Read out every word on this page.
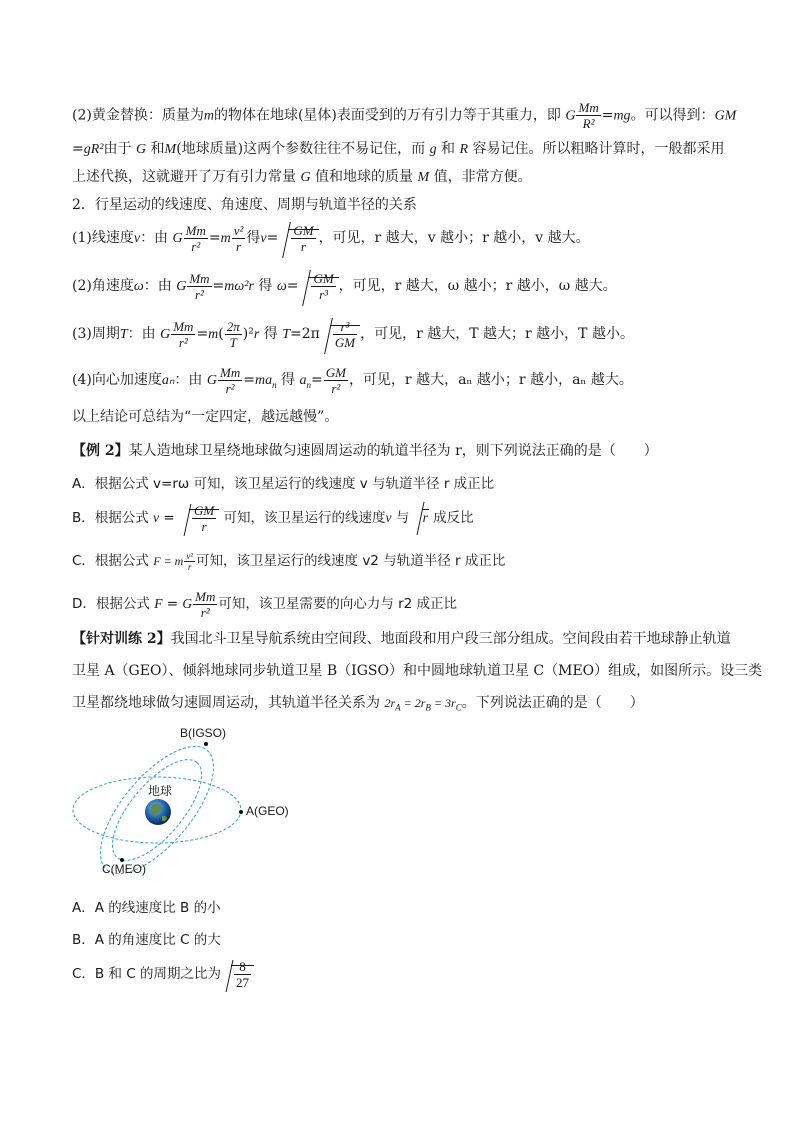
(2)黄金替换：质量为m的物体在地球(星体)表面受到的万有引力等于其重力，即 G $\frac{Mm}{\text{R²}} =mg$。可以得到：GM
=gR²由于 G 和M(地球质量)这两个参数往往不易记住，而 g 和 R 容易记住。所以粗略计算时，一般都采用
上述代换，这就避开了万有引力常量 G 值和地球的质量 M 值，非常方便。
2．行星运动的线速度、角速度、周期与轨道半径的关系
(1)线速度v：由 G $\frac{Mm}{\text{r²}} =m \frac{\text{v²}}{r}$ 得$v= \frac{GM}{r}$ ，可见，r 越大，v 越小；r 越小，v 越大。
(2)角速度ω：由 G $\frac{Mm}{\text{r²}} =m\omega^2r$ 得 $\omega= \frac{GM}{\text{r³}}$ ，可见，r 越大，ω 越小；r 越小，ω 越大。
(3)周期T：由 G $\frac{Mm}{\text{r²}} =m( \frac{2\pi}{T} )^2r$ 得 $T=2\pi \frac{\text{r³}}{GM}$ ，可见，r 越大，T 越大；r 越小，T 越小。
(4)向心加速度aₙ：由 G $\frac{Mm}{\text{r²}} =ma_n$ 得 $a_n= \frac{GM}{\text{r²}}$ ，可见，r 越大，aₙ 越小；r 越小，aₙ 越大。
以上结论可总结为“一定四定，越远越慢”。
【例 2】某人造地球卫星绕地球做匀速圆周运动的轨道半径为 r，则下列说法正确的是（　　）
A．根据公式 v=rω 可知，该卫星运行的线速度 v 与轨道半径 r 成正比
B．根据公式 $v = \frac{GM}{r}$ 可知，该卫星运行的线速度v 与 r 成反比
C．根据公式 F = m $\frac{\text{v²}}{r}$ 可知，该卫星运行的线速度 v2 与轨道半径 r 成正比
D．根据公式 F = G $\frac{Mm}{\text{r²}}$ 可知，该卫星需要的向心力与 r2 成正比
【针对训练 2】我国北斗卫星导航系统由空间段、地面段和用户段三部分组成。空间段由若干地球静止轨道
卫星 A（GEO）、倾斜地球同步轨道卫星 B（IGSO）和中圆地球轨道卫星 C（MEO）组成，如图所示。设三类
卫星都绕地球做匀速圆周运动，其轨道半径关系为 $2r_A = 2r_B = 3r_C$。下列说法正确的是（　　）
B(IGSO)
A(GEO)
C(MEO)
地球
A．A 的线速度比 B 的小
B．A 的角速度比 C 的大
C．B 和 C 的周期之比为 $\frac{8}{27}$
